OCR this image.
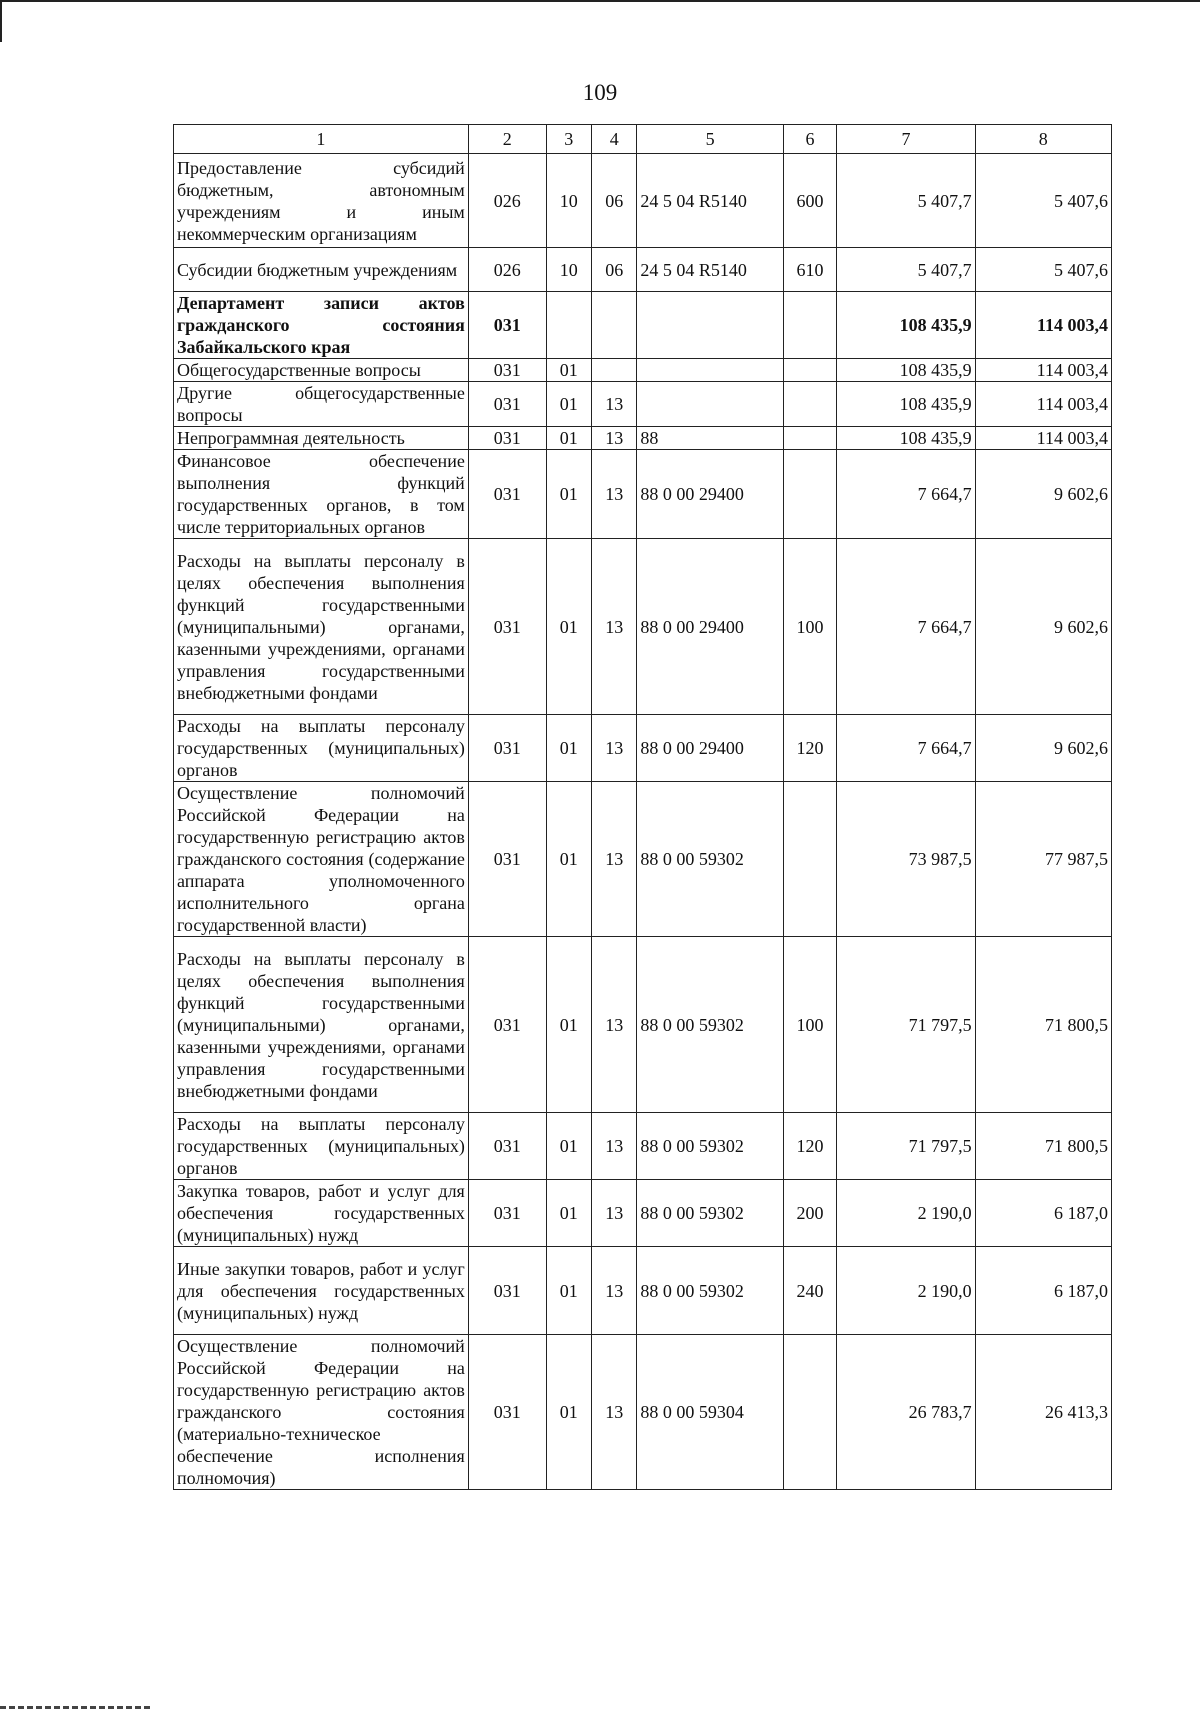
109
1	2	3	4	5	6	7	8
Предоставление субсидий бюджетным, автономным учреждениям и иным некоммерческим организациям	026	10	06	24 5 04 R5140	600	5 407,7	5 407,6
Субсидии бюджетным учреждениям	026	10	06	24 5 04 R5140	610	5 407,7	5 407,6
Департамент записи актов гражданского состояния Забайкальского края	031					108 435,9	114 003,4
Общегосударственные вопросы	031	01				108 435,9	114 003,4
Другие общегосударственные вопросы	031	01	13			108 435,9	114 003,4
Непрограммная деятельность	031	01	13	88		108 435,9	114 003,4
Финансовое обеспечение выполнения функций государственных органов, в том числе территориальных органов	031	01	13	88 0 00 29400		7 664,7	9 602,6
Расходы на выплаты персоналу в целях обеспечения выполнения функций государственными (муниципальными) органами, казенными учреждениями, органами управления государственными внебюджетными фондами	031	01	13	88 0 00 29400	100	7 664,7	9 602,6
Расходы на выплаты персоналу государственных (муниципальных) органов	031	01	13	88 0 00 29400	120	7 664,7	9 602,6
Осуществление полномочий Российской Федерации на государственную регистрацию актов гражданского состояния (содержание аппарата уполномоченного исполнительного органа государственной власти)	031	01	13	88 0 00 59302		73 987,5	77 987,5
Расходы на выплаты персоналу в целях обеспечения выполнения функций государственными (муниципальными) органами, казенными учреждениями, органами управления государственными внебюджетными фондами	031	01	13	88 0 00 59302	100	71 797,5	71 800,5
Расходы на выплаты персоналу государственных (муниципальных) органов	031	01	13	88 0 00 59302	120	71 797,5	71 800,5
Закупка товаров, работ и услуг для обеспечения государственных (муниципальных) нужд	031	01	13	88 0 00 59302	200	2 190,0	6 187,0
Иные закупки товаров, работ и услуг для обеспечения государственных (муниципальных) нужд	031	01	13	88 0 00 59302	240	2 190,0	6 187,0
Осуществление полномочий Российской Федерации на государственную регистрацию актов гражданского состояния (материально-техническое обеспечение исполнения полномочия)	031	01	13	88 0 00 59304		26 783,7	26 413,3
